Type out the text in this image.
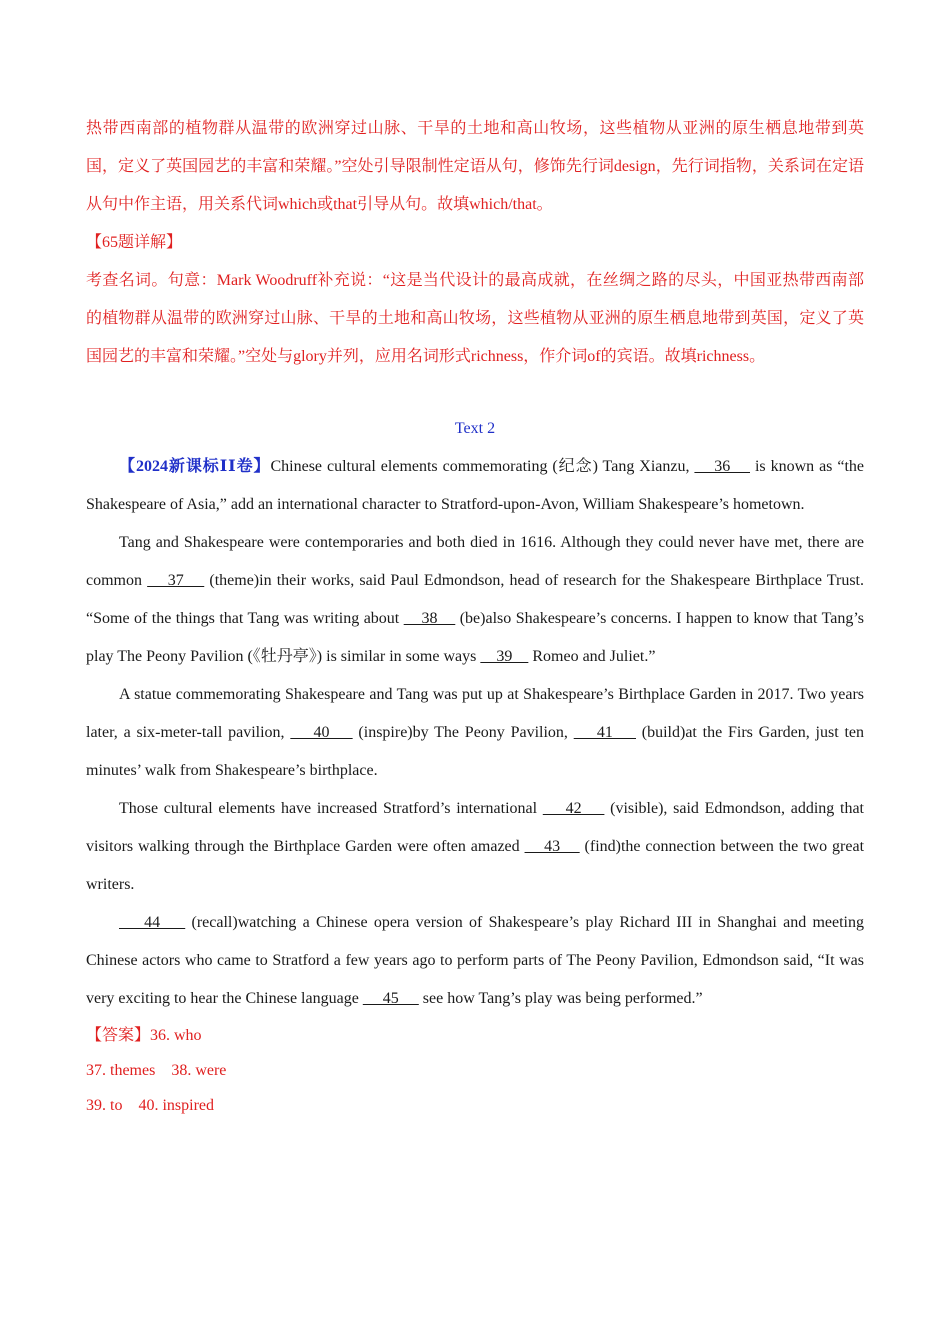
热带西南部的植物群从温带的欧洲穿过山脉、干旱的土地和高山牧场，这些植物从亚洲的原生栖息地带到英国，定义了英国园艺的丰富和荣耀。”空处引导限制性定语从句，修饰先行词design，先行词指物，关系词在定语从句中作主语，用关系代词which或that引导从句。故填which/that。

【65题详解】

考查名词。句意：Mark Woodruff补充说：“这是当代设计的最高成就，在丝绸之路的尽头，中国亚热带西南部的植物群从温带的欧洲穿过山脉、干旱的土地和高山牧场，这些植物从亚洲的原生栖息地带到英国，定义了英国园艺的丰富和荣耀。”空处与glory并列，应用名词形式richness，作介词of的宾语。故填richness。

Text 2

【2024新课标ⅠⅠ卷】Chinese cultural elements commemorating (纪念) Tang Xianzu,     36     is known as “the Shakespeare of Asia,” add an international character to Stratford-upon-Avon, William Shakespeare’s hometown.

Tang and Shakespeare were contemporaries and both died in 1616. Although they could never have met, there are common     37     (theme)in their works, said Paul Edmondson, head of research for the Shakespeare Birthplace Trust. “Some of the things that Tang was writing about     38     (be)also Shakespeare’s concerns. I happen to know that Tang’s play The Peony Pavilion (《牡丹亭》) is similar in some ways     39     Romeo and Juliet.”

A statue commemorating Shakespeare and Tang was put up at Shakespeare’s Birthplace Garden in 2017. Two years later, a six-meter-tall pavilion,     40     (inspire)by The Peony Pavilion,     41     (build)at the Firs Garden, just ten minutes’ walk from Shakespeare’s birthplace.

Those cultural elements have increased Stratford’s international     42     (visible), said Edmondson, adding that visitors walking through the Birthplace Garden were often amazed     43     (find)the connection between the two great writers.

44     (recall)watching a Chinese opera version of Shakespeare’s play Richard III in Shanghai and meeting Chinese actors who came to Stratford a few years ago to perform parts of The Peony Pavilion, Edmondson said, “It was very exciting to hear the Chinese language      45      see how Tang’s play was being performed.”

【答案】36. who
37. themes    38. were
39. to    40. inspired
